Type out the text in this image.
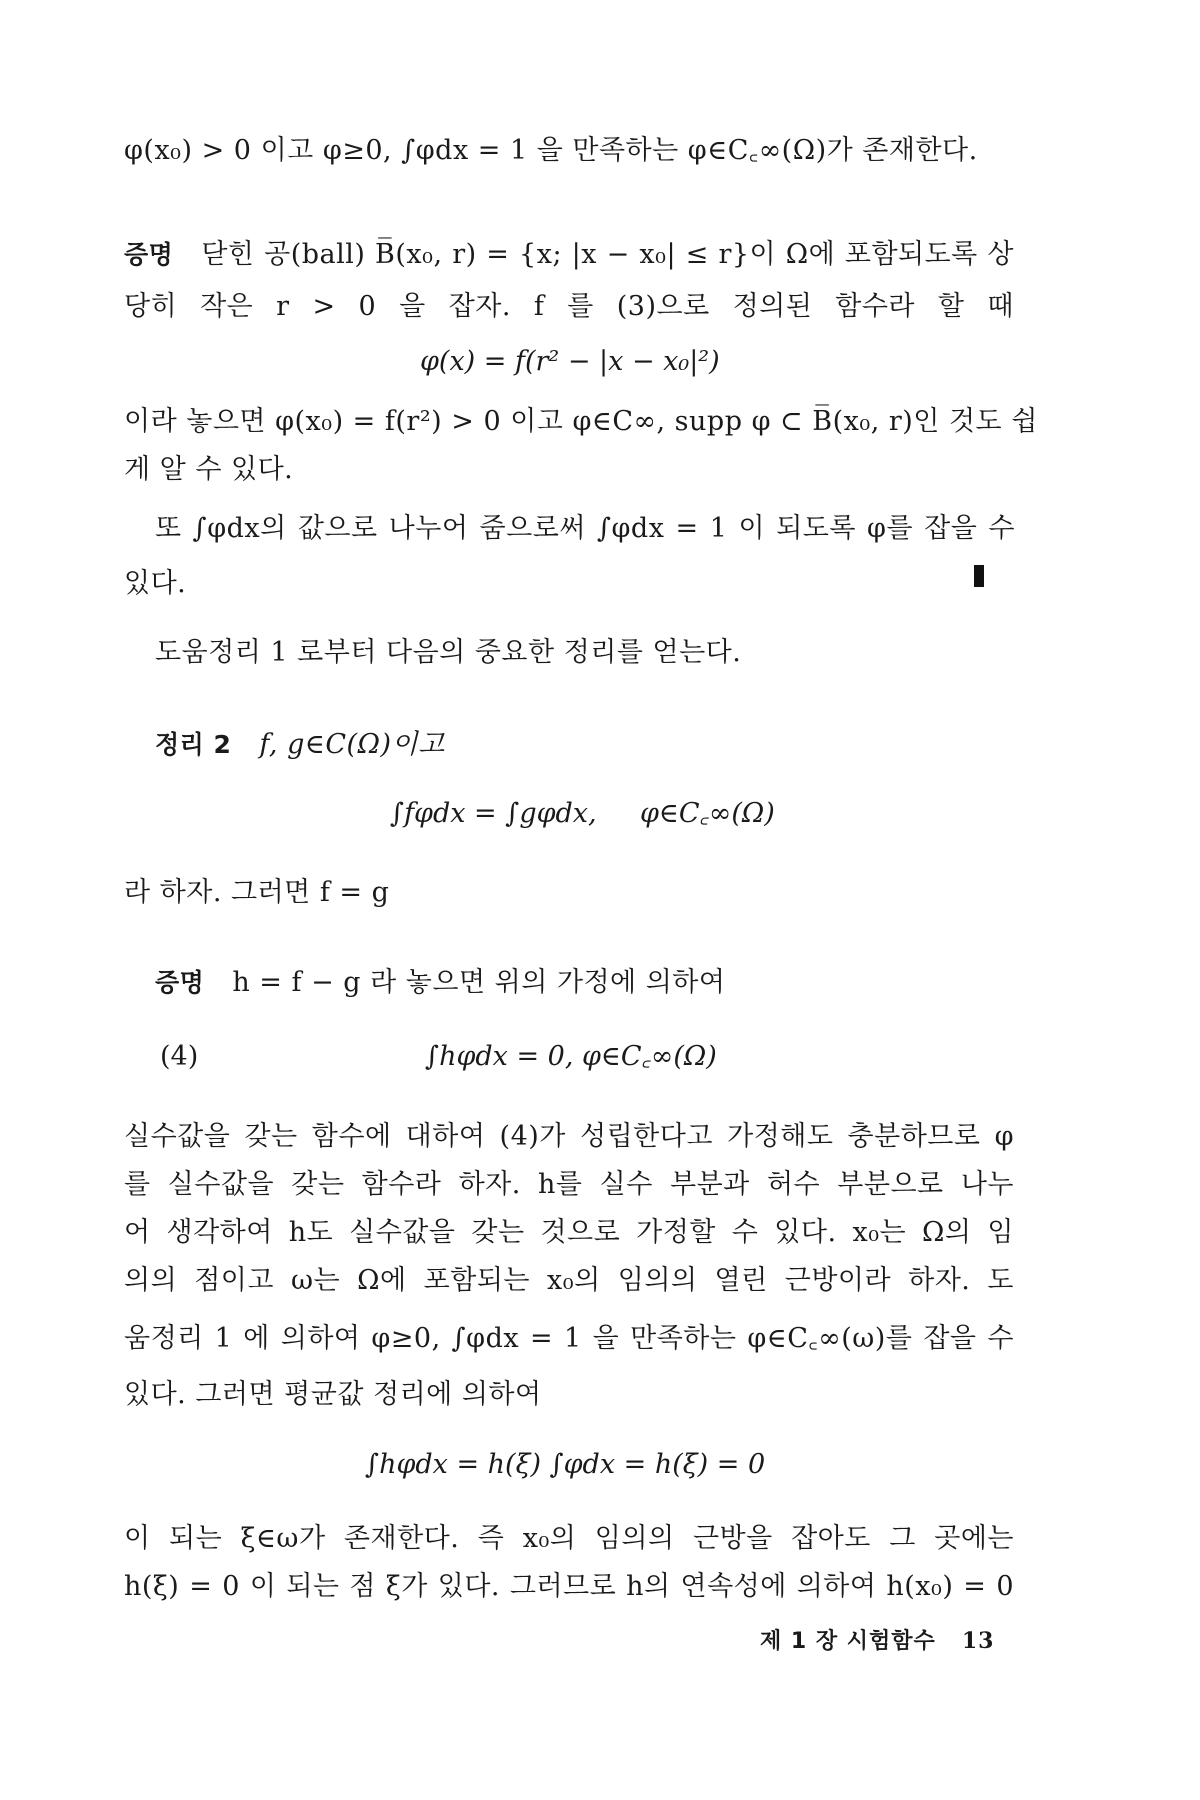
φ(x₀) > 0 이고 φ≥0, ∫φdx = 1 을 만족하는 φ∈C꜀∞(Ω)가 존재한다.
증명 닫힌 공(ball) B̅(x₀, r) = {x; |x − x₀| ≤ r}이 Ω에 포함되도록 상
당히 작은 r > 0 을 잡자. f 를 (3)으로 정의된 함수라 할 때
φ(x) = f(r² − |x − x₀|²)
이라 놓으면 φ(x₀) = f(r²) > 0 이고 φ∈C∞, supp φ ⊂ B̅(x₀, r)인 것도 쉽
게 알 수 있다.
또 ∫φdx의 값으로 나누어 줌으로써 ∫φdx = 1 이 되도록 φ를 잡을 수
있다.
도움정리 1 로부터 다음의 중요한 정리를 얻는다.
정리 2 f, g∈C(Ω)이고
∫fφdx = ∫gφdx, φ∈C꜀∞(Ω)
라 하자. 그러면 f = g
증명 h = f − g 라 놓으면 위의 가정에 의하여
(4)	∫hφdx = 0, φ∈C꜀∞(Ω)
실수값을 갖는 함수에 대하여 (4)가 성립한다고 가정해도 충분하므로 φ
를 실수값을 갖는 함수라 하자. h를 실수 부분과 허수 부분으로 나누
어 생각하여 h도 실수값을 갖는 것으로 가정할 수 있다. x₀는 Ω의 임
의의 점이고 ω는 Ω에 포함되는 x₀의 임의의 열린 근방이라 하자. 도
움정리 1 에 의하여 φ≥0, ∫φdx = 1 을 만족하는 φ∈C꜀∞(ω)를 잡을 수
있다. 그러면 평균값 정리에 의하여
∫hφdx = h(ξ) ∫φdx = h(ξ) = 0
이 되는 ξ∈ω가 존재한다. 즉 x₀의 임의의 근방을 잡아도 그 곳에는
h(ξ) = 0 이 되는 점 ξ가 있다. 그러므로 h의 연속성에 의하여 h(x₀) = 0
제 1 장 시험함수 13
